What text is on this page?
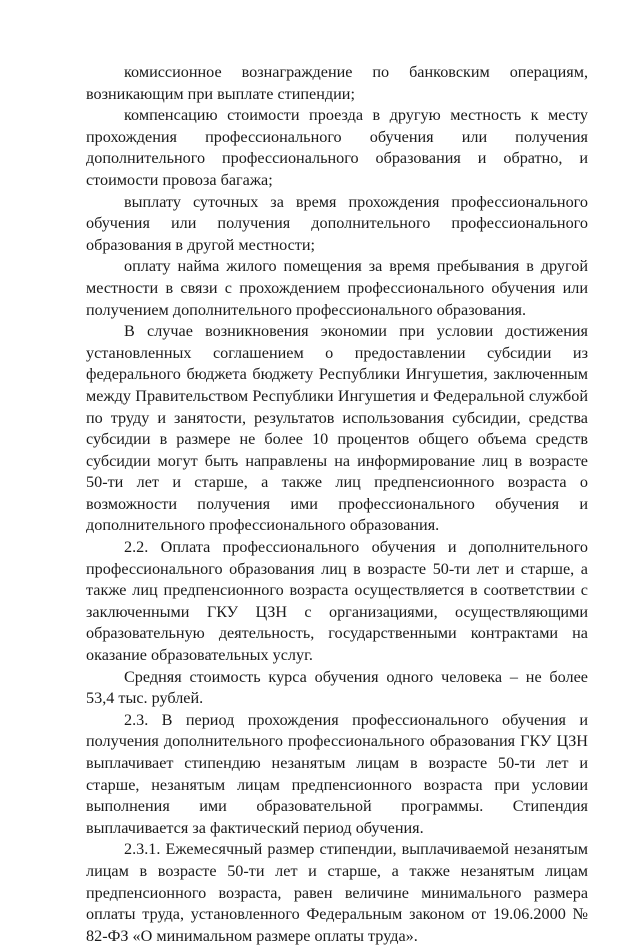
комиссионное вознаграждение по банковским операциям, возникающим при выплате стипендии;

компенсацию стоимости проезда в другую местность к месту прохождения профессионального обучения или получения дополнительного профессионального образования и обратно, и стоимости провоза багажа;

выплату суточных за время прохождения профессионального обучения или получения дополнительного профессионального образования в другой местности;

оплату найма жилого помещения за время пребывания в другой местности в связи с прохождением профессионального обучения или получением дополнительного профессионального образования.

В случае возникновения экономии при условии достижения установленных соглашением о предоставлении субсидии из федерального бюджета бюджету Республики Ингушетия, заключенным между Правительством Республики Ингушетия и Федеральной службой по труду и занятости, результатов использования субсидии, средства субсидии в размере не более 10 процентов общего объема средств субсидии могут быть направлены на информирование лиц в возрасте 50-ти лет и старше, а также лиц предпенсионного возраста о возможности получения ими профессионального обучения и дополнительного профессионального образования.

2.2. Оплата профессионального обучения и дополнительного профессионального образования лиц в возрасте 50-ти лет и старше, а также лиц предпенсионного возраста осуществляется в соответствии с заключенными ГКУ ЦЗН с организациями, осуществляющими образовательную деятельность, государственными контрактами на оказание образовательных услуг.

Средняя стоимость курса обучения одного человека – не более 53,4 тыс. рублей.

2.3. В период прохождения профессионального обучения и получения дополнительного профессионального образования ГКУ ЦЗН выплачивает стипендию незанятым лицам в возрасте 50-ти лет и старше, незанятым лицам предпенсионного возраста при условии выполнения ими образовательной программы. Стипендия выплачивается за фактический период обучения.

2.3.1. Ежемесячный размер стипендии, выплачиваемой незанятым лицам в возрасте 50-ти лет и старше, а также незанятым лицам предпенсионного возраста, равен величине минимального размера оплаты труда, установленного Федеральным законом от 19.06.2000 № 82-ФЗ «О минимальном размере оплаты труда».
